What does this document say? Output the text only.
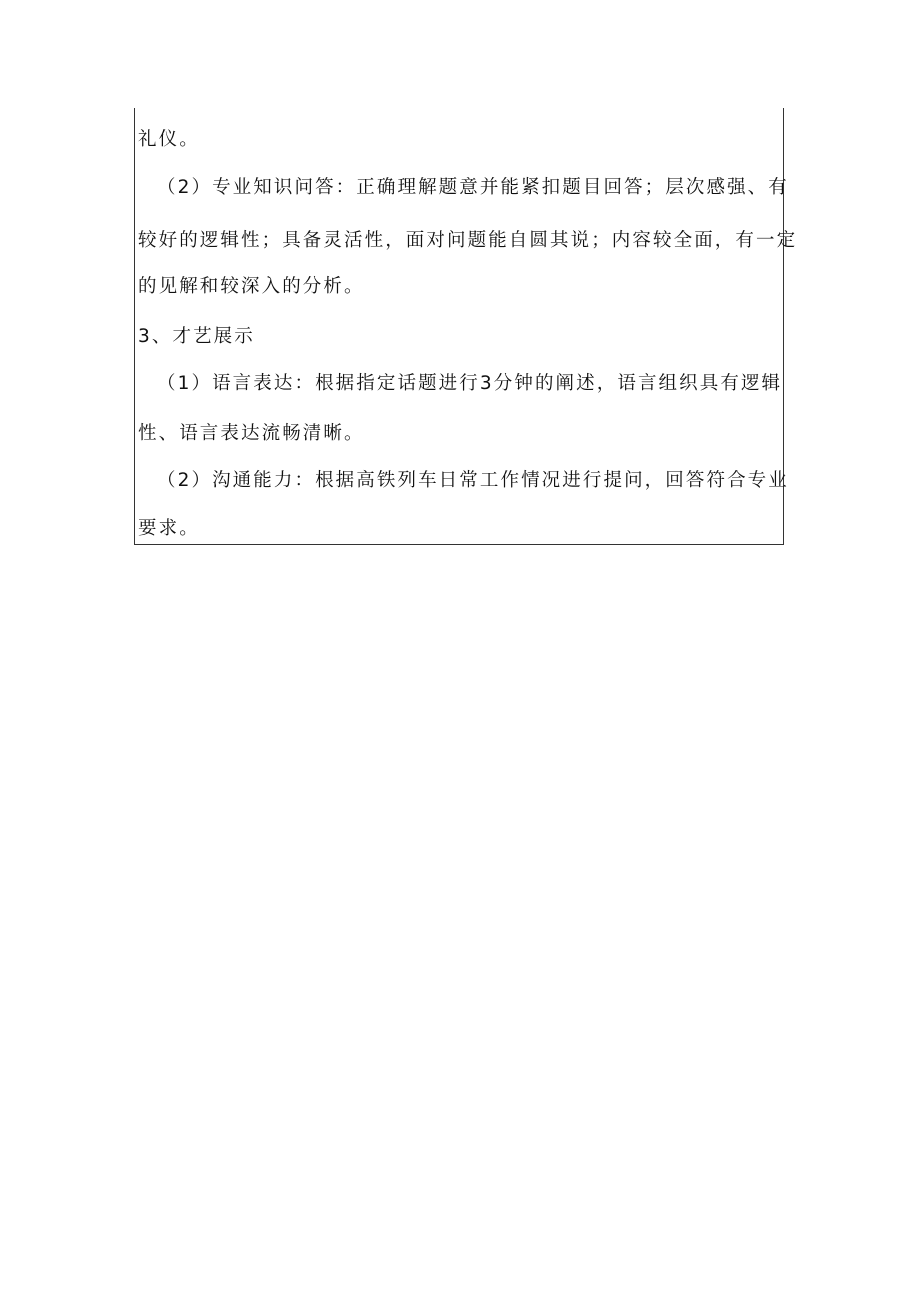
礼仪。
（2）专业知识问答：正确理解题意并能紧扣题目回答；层次感强、有
较好的逻辑性；具备灵活性，面对问题能自圆其说；内容较全面，有一定
的见解和较深入的分析。
3、才艺展示
（1）语言表达：根据指定话题进行3分钟的阐述，语言组织具有逻辑
性、语言表达流畅清晰。
（2）沟通能力：根据高铁列车日常工作情况进行提问，回答符合专业
要求。
